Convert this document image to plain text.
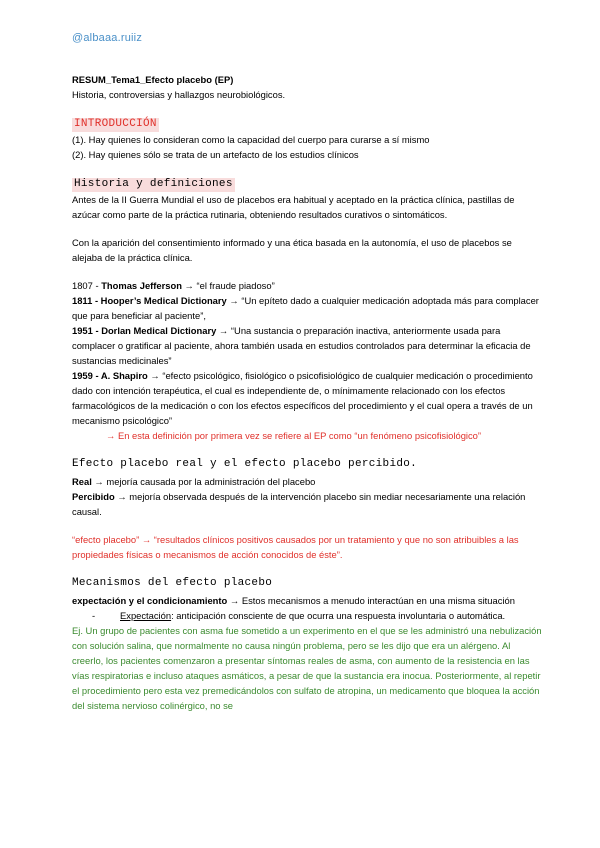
@albaaa.ruiiz

RESUM_Tema1_Efecto placebo (EP)

Historia, controversias y hallazgos neurobiológicos.

INTRODUCCIÓN

(1). Hay quienes lo consideran como la capacidad del cuerpo para curarse a sí mismo

(2). Hay quienes sólo se trata de un artefacto de los estudios clínicos

Historia y definiciones

Antes de la II Guerra Mundial el uso de placebos era habitual y aceptado en la práctica clínica, pastillas de azúcar como parte de la práctica rutinaria, obteniendo resultados curativos o sintomáticos.

Con la aparición del consentimiento informado y una ética basada en la autonomía, el uso de placebos se alejaba de la práctica clínica.

1807 - Thomas Jefferson → “el fraude piadoso”

1811 - Hooper’s Medical Dictionary → “Un epíteto dado a cualquier medicación adoptada más para complacer que para beneficiar al paciente”,

1951 - Dorlan Medical Dictionary → “Una sustancia o preparación inactiva, anteriormente usada para complacer o gratificar al paciente, ahora también usada en estudios controlados para determinar la eficacia de sustancias medicinales”

1959 - A. Shapiro → “efecto psicológico, fisiológico o psicofisiológico de cualquier medicación o procedimiento dado con intención terapéutica, el cual es independiente de, o mínimamente relacionado con los efectos farmacológicos de la medicación o con los efectos específicos del procedimiento y el cual opera a través de un mecanismo psicológico”

→ En esta definición por primera vez se refiere al EP como “un fenómeno psicofisiológico”

Efecto placebo real y el efecto placebo percibido.

Real → mejoría causada por la administración del placebo

Percibido → mejoría observada después de la intervención placebo sin mediar necesariamente una relación causal.

“efecto placebo” → “resultados clínicos positivos causados por un tratamiento y que no son atribuibles a las propiedades físicas o mecanismos de acción conocidos de éste”.

Mecanismos del efecto placebo

expectación y el condicionamiento → Estos mecanismos a menudo interactúan en una misma situación

-	Expectación: anticipación consciente de que ocurra una respuesta involuntaria o automática.

Ej. Un grupo de pacientes con asma fue sometido a un experimento en el que se les administró una nebulización con solución salina, que normalmente no causa ningún problema, pero se les dijo que era un alérgeno. Al creerlo, los pacientes comenzaron a presentar síntomas reales de asma, con aumento de la resistencia en las vías respiratorias e incluso ataques asmáticos, a pesar de que la sustancia era inocua. Posteriormente, al repetir el procedimiento pero esta vez premedicándolos con sulfato de atropina, un medicamento que bloquea la acción del sistema nervioso colinérgico, no se
